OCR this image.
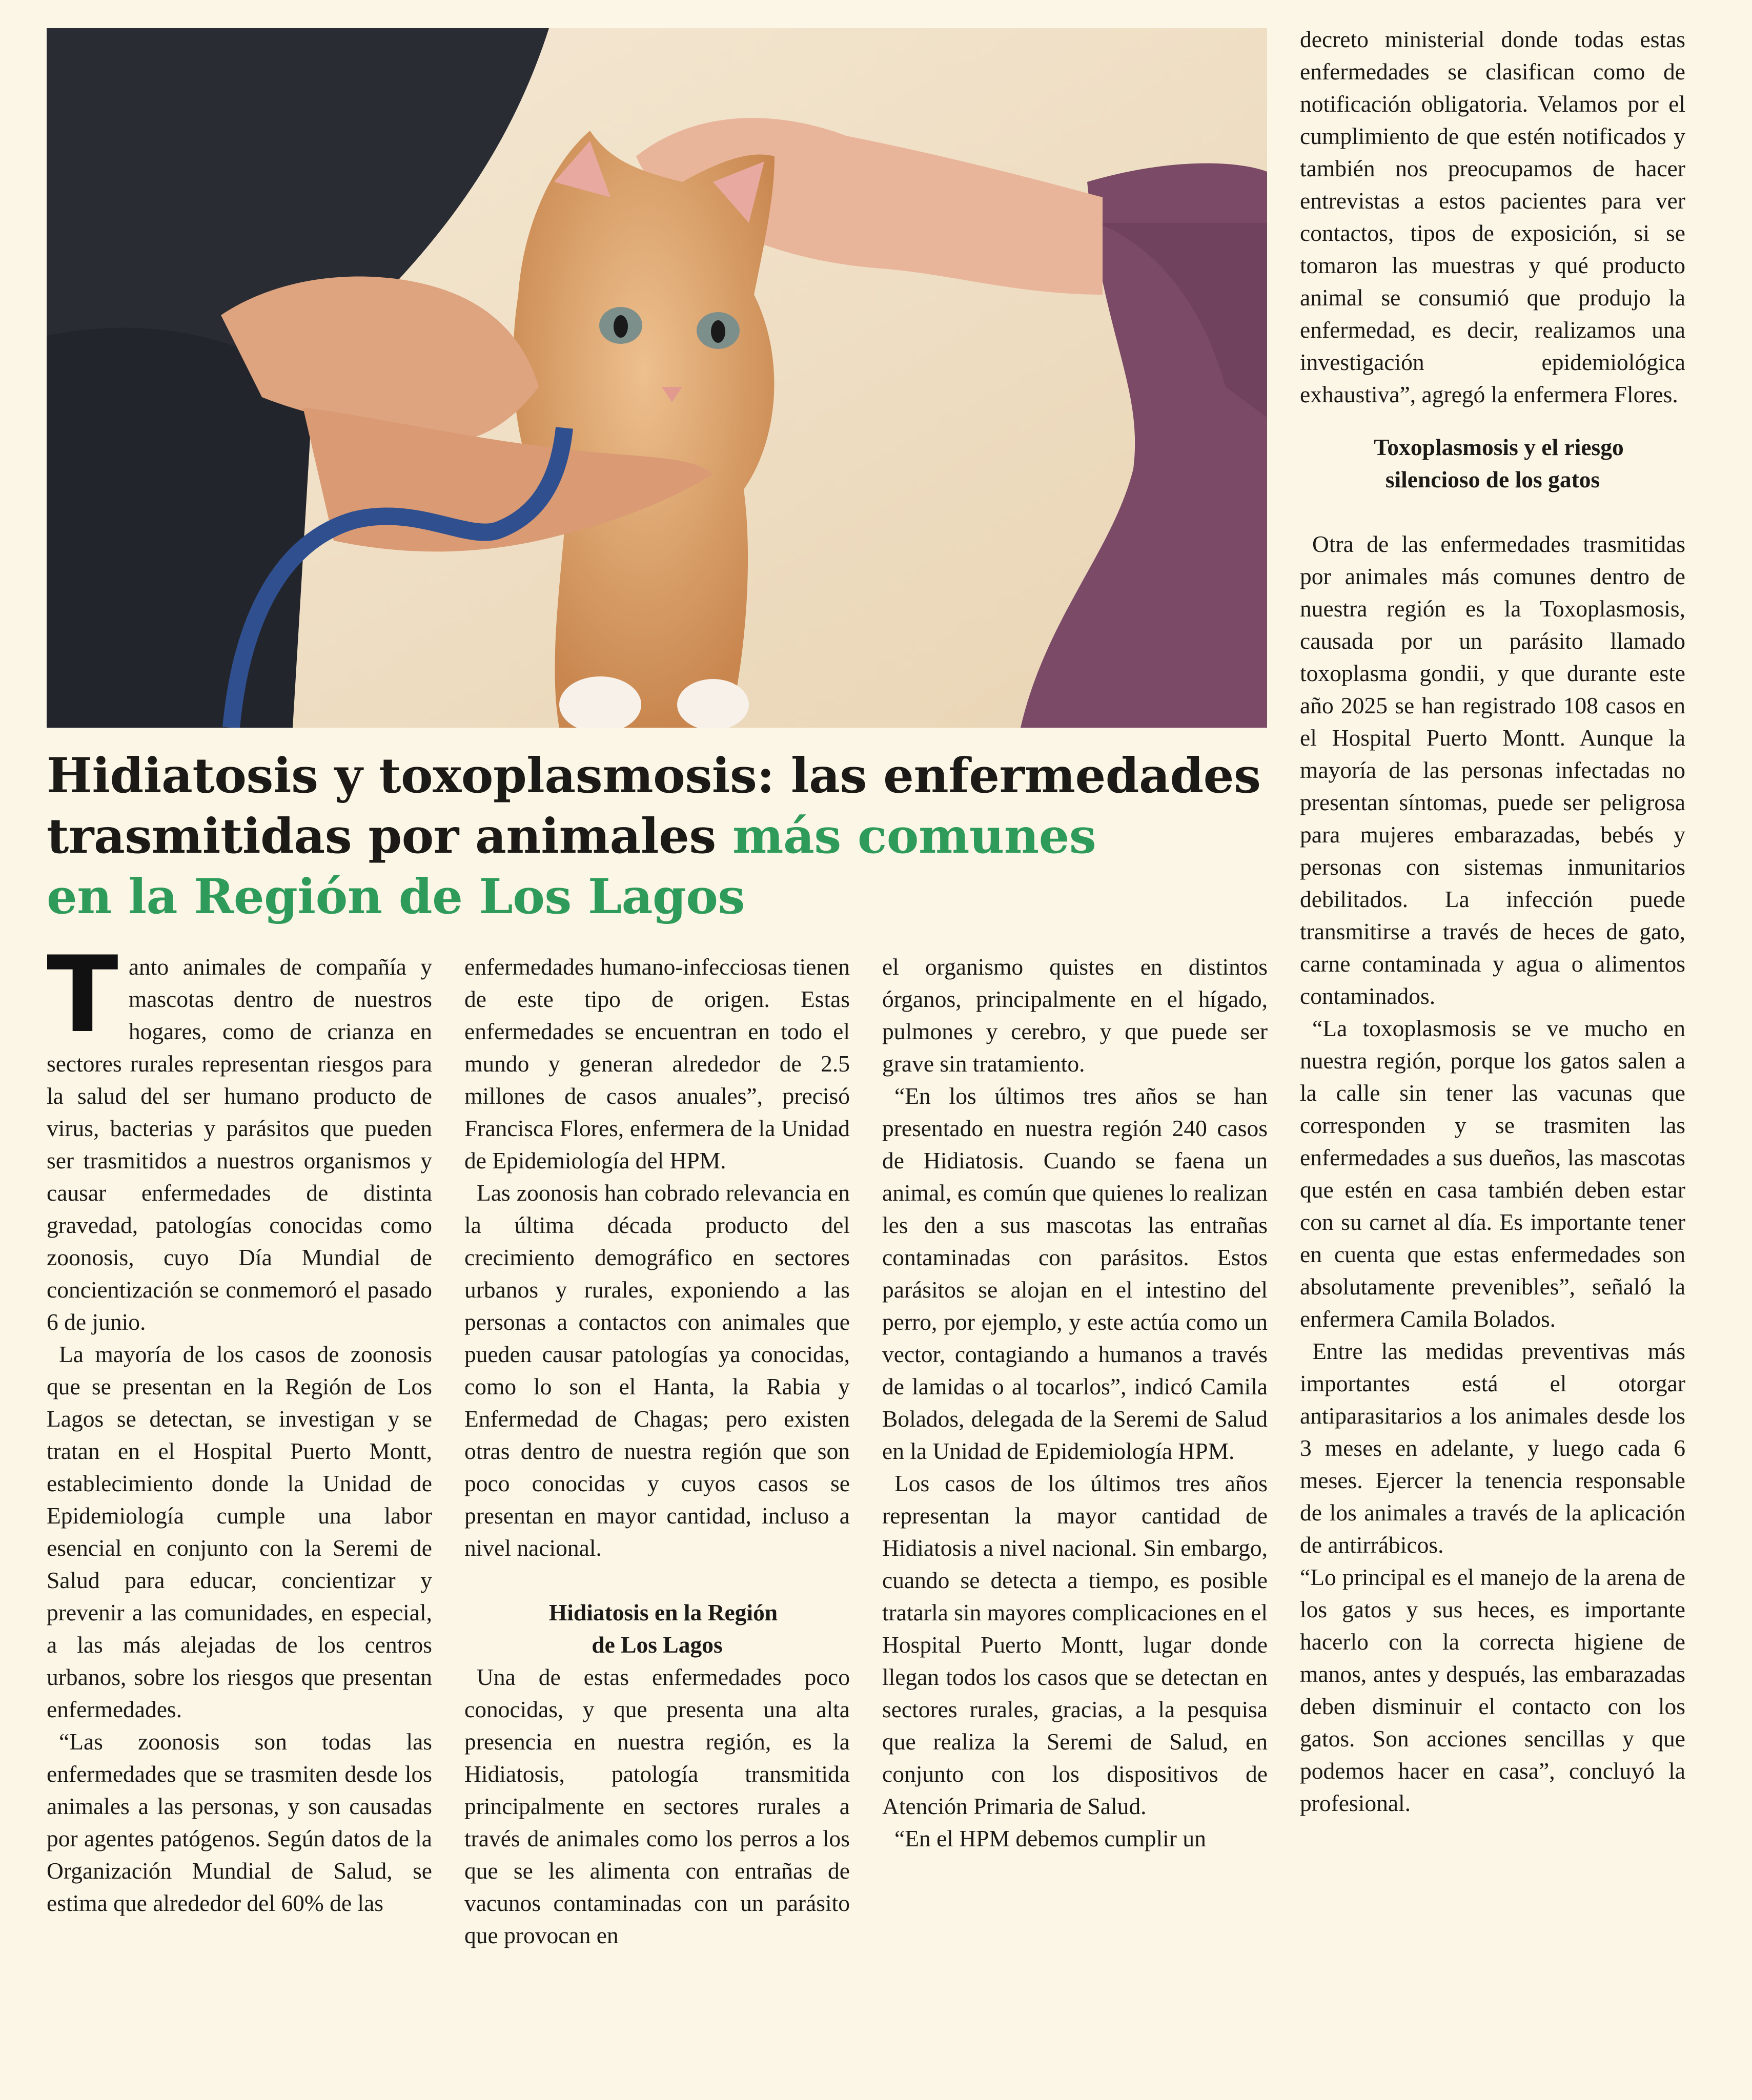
Hidiatosis y toxoplasmosis: las enfermedades
trasmitidas por animales más comunes
en la Región de Los Lagos

Tanto animales de compañía y mascotas dentro de nuestros hogares, como de crianza en sectores rurales representan riesgos para la salud del ser humano producto de virus, bacterias y parásitos que pueden ser trasmitidos a nuestros organismos y causar enfermedades de distinta gravedad, patologías conocidas como zoonosis, cuyo Día Mundial de concientización se conmemoró el pasado 6 de junio.

La mayoría de los casos de zoonosis que se presentan en la Región de Los Lagos se detectan, se investigan y se tratan en el Hospital Puerto Montt, establecimiento donde la Unidad de Epidemiología cumple una labor esencial en conjunto con la Seremi de Salud para educar, concientizar y prevenir a las comunidades, en especial, a las más alejadas de los centros urbanos, sobre los riesgos que presentan enfermedades.

“Las zoonosis son todas las enfermedades que se trasmiten desde los animales a las personas, y son causadas por agentes patógenos. Según datos de la Organización Mundial de Salud, se estima que alrededor del 60% de las

enfermedades humano-infecciosas tienen de este tipo de origen. Estas enfermedades se encuentran en todo el mundo y generan alrededor de 2.5 millones de casos anuales”, precisó Francisca Flores, enfermera de la Unidad de Epidemiología del HPM.

Las zoonosis han cobrado relevancia en la última década producto del crecimiento demográfico en sectores urbanos y rurales, exponiendo a las personas a contactos con animales que pueden causar patologías ya conocidas, como lo son el Hanta, la Rabia y Enfermedad de Chagas; pero existen otras dentro de nuestra región que son poco conocidas y cuyos casos se presentan en mayor cantidad, incluso a nivel nacional.

Hidiatosis en la Región
de Los Lagos

Una de estas enfermedades poco conocidas, y que presenta una alta presencia en nuestra región, es la Hidiatosis, patología transmitida principalmente en sectores rurales a través de animales como los perros a los que se les alimenta con entrañas de vacunos contaminadas con un parásito que provocan en

el organismo quistes en distintos órganos, principalmente en el hígado, pulmones y cerebro, y que puede ser grave sin tratamiento.

“En los últimos tres años se han presentado en nuestra región 240 casos de Hidiatosis. Cuando se faena un animal, es común que quienes lo realizan les den a sus mascotas las entrañas contaminadas con parásitos. Estos parásitos se alojan en el intestino del perro, por ejemplo, y este actúa como un vector, contagiando a humanos a través de lamidas o al tocarlos”, indicó Camila Bolados, delegada de la Seremi de Salud en la Unidad de Epidemiología HPM.

Los casos de los últimos tres años representan la mayor cantidad de Hidiatosis a nivel nacional. Sin embargo, cuando se detecta a tiempo, es posible tratarla sin mayores complicaciones en el Hospital Puerto Montt, lugar donde llegan todos los casos que se detectan en sectores rurales, gracias, a la pesquisa que realiza la Seremi de Salud, en conjunto con los dispositivos de Atención Primaria de Salud.

“En el HPM debemos cumplir un

decreto ministerial donde todas estas enfermedades se clasifican como de notificación obligatoria. Velamos por el cumplimiento de que estén notificados y también nos preocupamos de hacer entrevistas a estos pacientes para ver contactos, tipos de exposición, si se tomaron las muestras y qué producto animal se consumió que produjo la enfermedad, es decir, realizamos una investigación epidemiológica exhaustiva”, agregó la enfermera Flores.

Toxoplasmosis y el riesgo
silencioso de los gatos

Otra de las enfermedades trasmitidas por animales más comunes dentro de nuestra región es la Toxoplasmosis, causada por un parásito llamado toxoplasma gondii, y que durante este año 2025 se han registrado 108 casos en el Hospital Puerto Montt. Aunque la mayoría de las personas infectadas no presentan síntomas, puede ser peligrosa para mujeres embarazadas, bebés y personas con sistemas inmunitarios debilitados. La infección puede transmitirse a través de heces de gato, carne contaminada y agua o alimentos contaminados.

“La toxoplasmosis se ve mucho en nuestra región, porque los gatos salen a la calle sin tener las vacunas que corresponden y se trasmiten las enfermedades a sus dueños, las mascotas que estén en casa también deben estar con su carnet al día. Es importante tener en cuenta que estas enfermedades son absolutamente prevenibles”, señaló la enfermera Camila Bolados.

Entre las medidas preventivas más importantes está el otorgar antiparasitarios a los animales desde los 3 meses en adelante, y luego cada 6 meses. Ejercer la tenencia responsable de los animales a través de la aplicación de antirrábicos.

“Lo principal es el manejo de la arena de los gatos y sus heces, es importante hacerlo con la correcta higiene de manos, antes y después, las embarazadas deben disminuir el contacto con los gatos. Son acciones sencillas y que podemos hacer en casa”, concluyó la profesional.
